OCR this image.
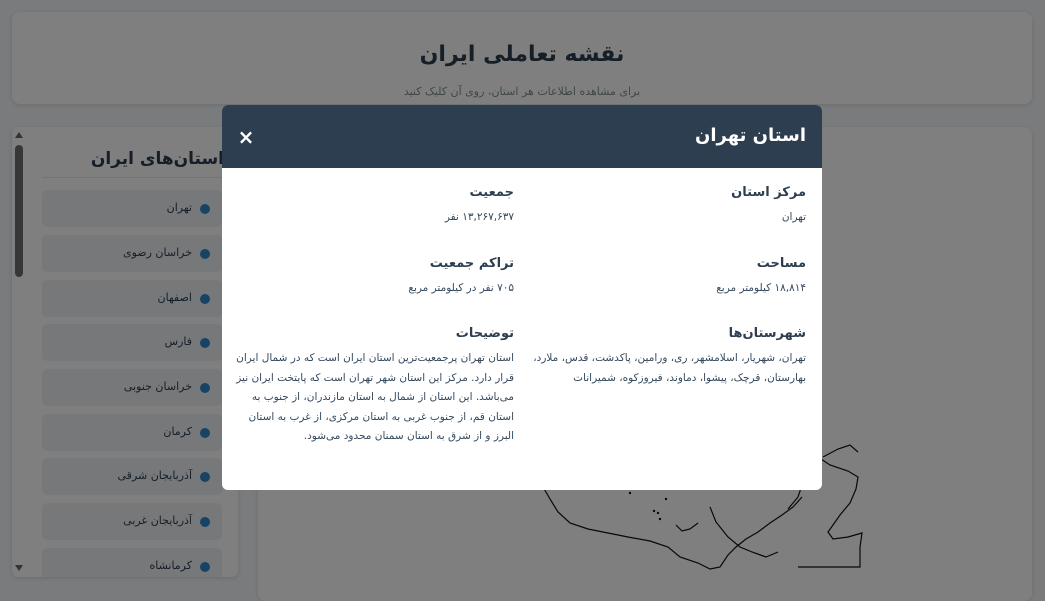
استان تهران
×
مرکز استان
تهران
جمعیت
۱۳,۲۶۷,۶۳۷ نفر
مساحت
۱۸,۸۱۴ کیلومتر مربع
تراکم جمعیت
۷۰۵ نفر در کیلومتر مربع
شهرستان‌ها
تهران، شهریار، اسلامشهر، ری، ورامین، پاکدشت، قدس، ملارد، بهارستان، قرچک، پیشوا، دماوند، فیروزکوه، شمیرانات
توضیحات
استان تهران پرجمعیت‌ترین استان ایران است که در شمال ایران قرار دارد. مرکز این استان شهر تهران است که پایتخت ایران نیز می‌باشد. این استان از شمال به استان مازندران، از جنوب به استان قم، از جنوب غربی به استان مرکزی، از غرب به استان البرز و از شرق به استان سمنان محدود می‌شود.
